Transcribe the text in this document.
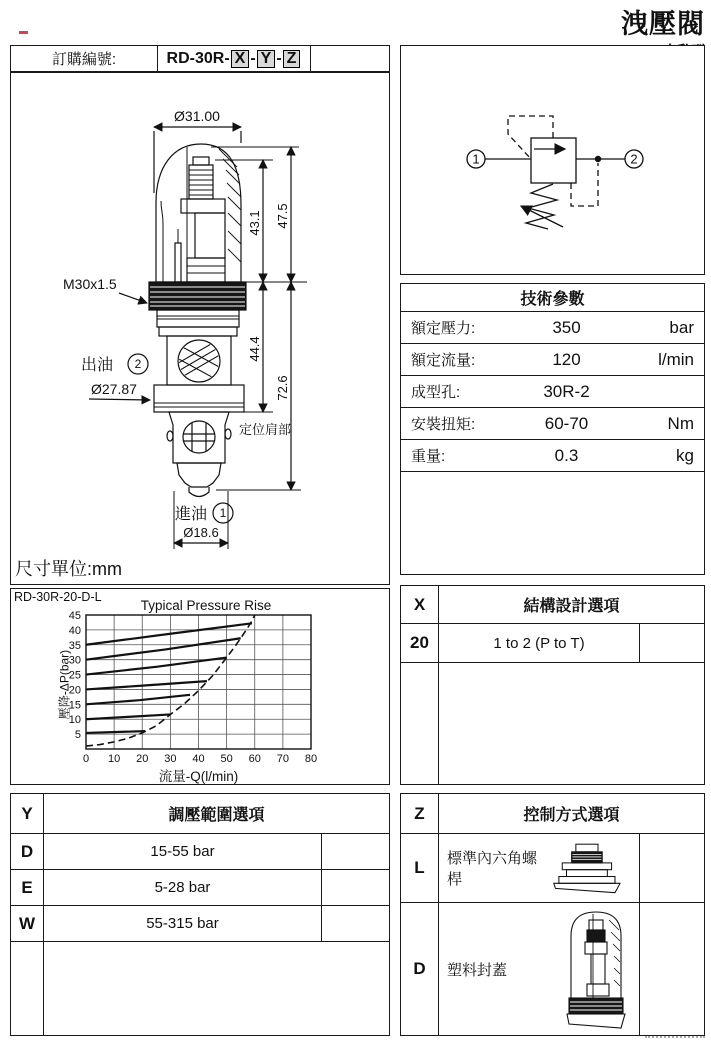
洩壓閥
訂購編號:	RD-30R- X - Y - Z
Ø31.00
43.1 47.5
44.4
72.6
M30x1.5
出油 2
Ø27.87
定位肩部
進油 1
Ø18.6
尺寸單位:mm
1	2
技術參數
額定壓力:	350	bar
額定流量:	120	l/min
成型孔:	30R-2
安裝扭矩:	60-70	Nm
重量:	0.3	kg
RD-30R-20-D-L
Typical Pressure Rise
壓降-ΔP(bar)
流量-Q(l/min)
0 10 20 30 40 50 60 70 80
5
10
15
20
25
30
35
40
45
X	結構設計選項
20	1 to 2 (P to T)
Y	調壓範圍選項
D	15-55 bar
E	5-28 bar
W	55-315 bar
Z	控制方式選項
L	標準內六角螺桿
D	塑料封蓋
